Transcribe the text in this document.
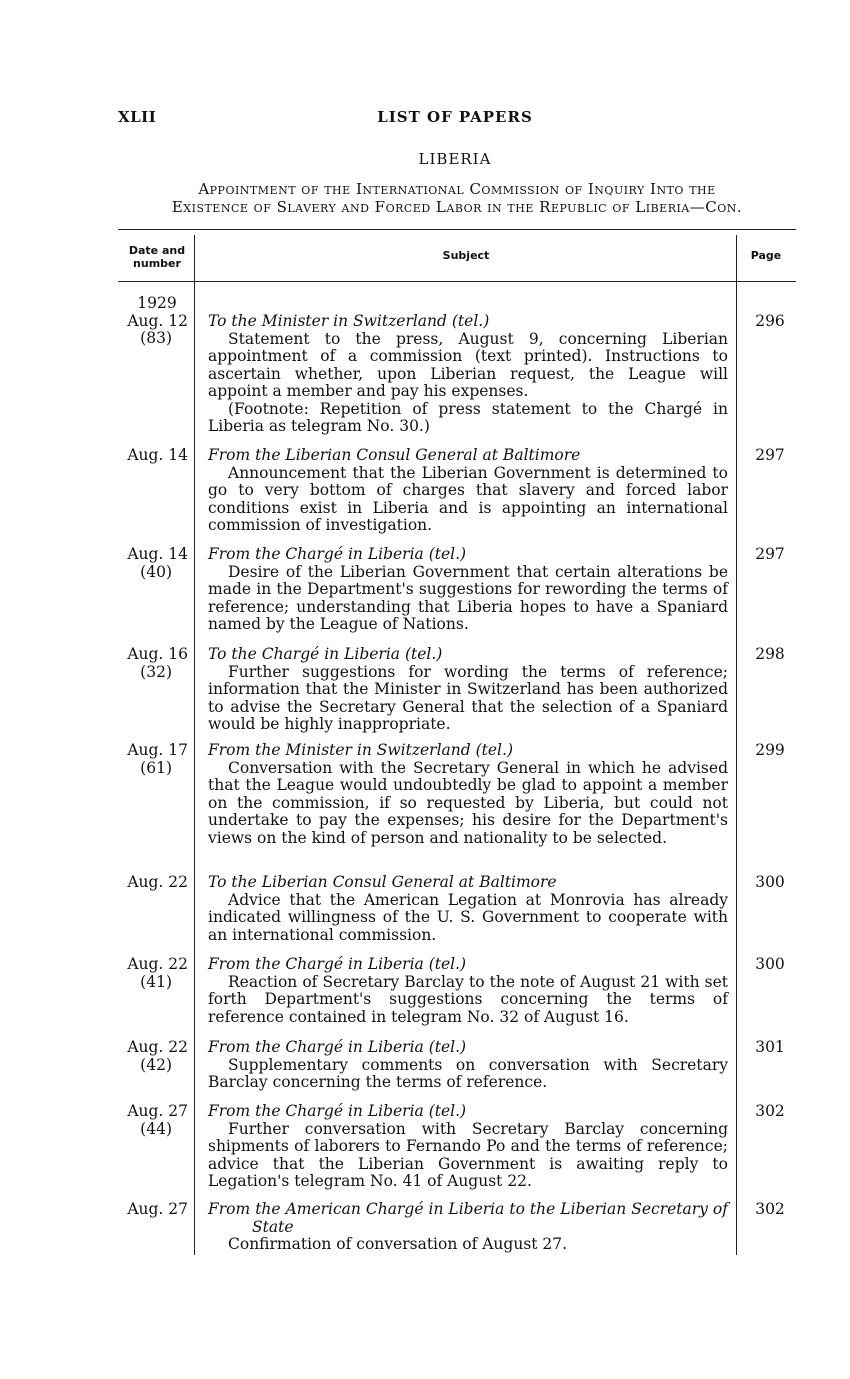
XLII	LIST OF PAPERS
LIBERIA
Appointment of the International Commission of Inquiry Into the
Existence of Slavery and Forced Labor in the Republic of Liberia—Con.
Date and
number
Subject	Page
1929
Aug. 12
(83)
To the Minister in Switzerland (tel.)
Statement to the press, August 9, concerning Liberian appointment of a commission (text printed). Instructions to ascertain whether, upon Liberian request, the League will appoint a member and pay his expenses.
(Footnote: Repetition of press statement to the Chargé in Liberia as telegram No. 30.)
296
Aug. 14 From the Liberian Consul General at Baltimore
Announcement that the Liberian Government is determined to go to very bottom of charges that slavery and forced labor conditions exist in Liberia and is appointing an international commission of investigation.
297
Aug. 14
(40)
From the Chargé in Liberia (tel.)
Desire of the Liberian Government that certain alterations be made in the Department's suggestions for rewording the terms of reference; understanding that Liberia hopes to have a Spaniard named by the League of Nations.
297
Aug. 16
(32)
To the Chargé in Liberia (tel.)
Further suggestions for wording the terms of reference; information that the Minister in Switzerland has been authorized to advise the Secretary General that the selection of a Spaniard would be highly inappropriate.
298
Aug. 17
(61)
From the Minister in Switzerland (tel.)
Conversation with the Secretary General in which he advised that the League would undoubtedly be glad to appoint a member on the commission, if so requested by Liberia, but could not undertake to pay the expenses; his desire for the Department's views on the kind of person and nationality to be selected.
299
Aug. 22 To the Liberian Consul General at Baltimore
Advice that the American Legation at Monrovia has already indicated willingness of the U. S. Government to cooperate with an international commission.
300
Aug. 22
(41)
From the Chargé in Liberia (tel.)
Reaction of Secretary Barclay to the note of August 21 with set forth Department's suggestions concerning the terms of reference contained in telegram No. 32 of August 16.
300
Aug. 22
(42)
From the Chargé in Liberia (tel.)
Supplementary comments on conversation with Secretary Barclay concerning the terms of reference.
301
Aug. 27
(44)
From the Chargé in Liberia (tel.)
Further conversation with Secretary Barclay concerning shipments of laborers to Fernando Po and the terms of reference; advice that the Liberian Government is awaiting reply to Legation's telegram No. 41 of August 22.
302
Aug. 27 From the American Chargé in Liberia to the Liberian Secretary of State
Confirmation of conversation of August 27.
302
